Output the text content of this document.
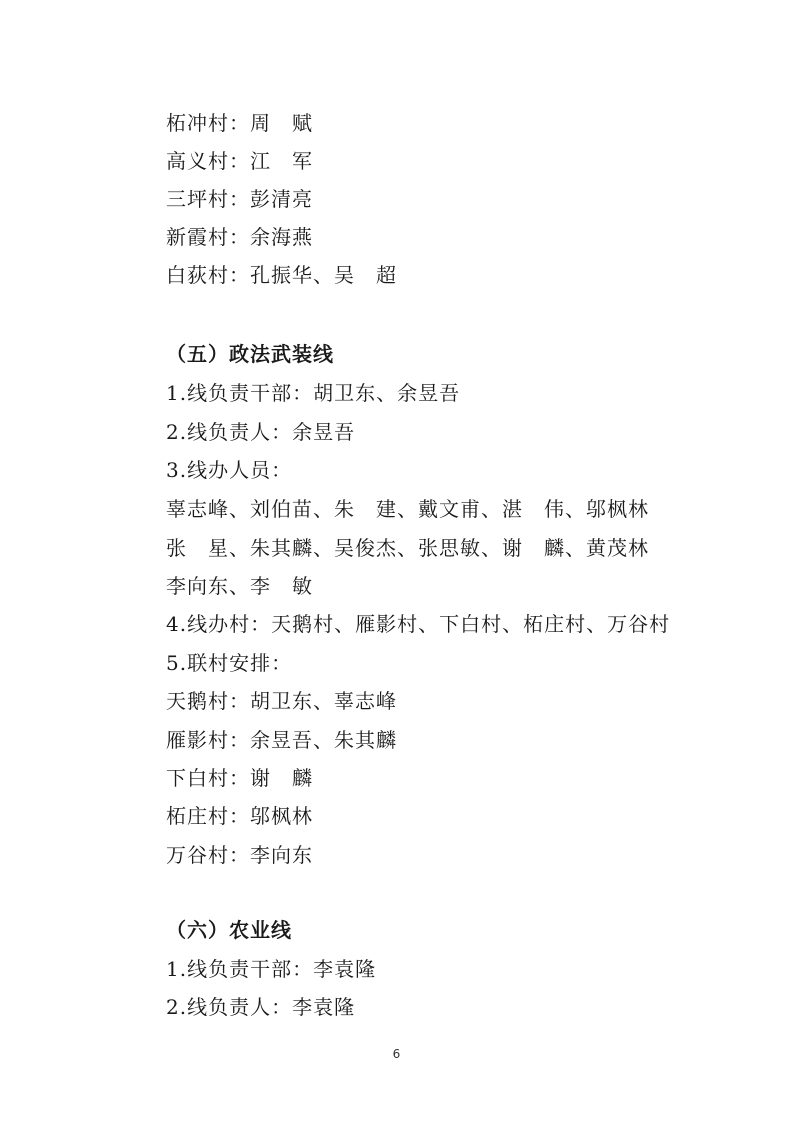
柘冲村：周　赋
高义村：江　军
三坪村：彭清亮
新霞村：余海燕
白荻村：孔振华、吴　超
（五）政法武装线
1.线负责干部：胡卫东、余昱吾
2.线负责人：余昱吾
3.线办人员：
辜志峰、刘伯苗、朱　建、戴文甫、湛　伟、邬枫林
张　星、朱其麟、吴俊杰、张思敏、谢　麟、黄茂林
李向东、李　敏
4.线办村：天鹅村、雁影村、下白村、柘庄村、万谷村
5.联村安排：
天鹅村：胡卫东、辜志峰
雁影村：余昱吾、朱其麟
下白村：谢　麟
柘庄村：邬枫林
万谷村：李向东
（六）农业线
1.线负责干部：李袁隆
2.线负责人：李袁隆
6
